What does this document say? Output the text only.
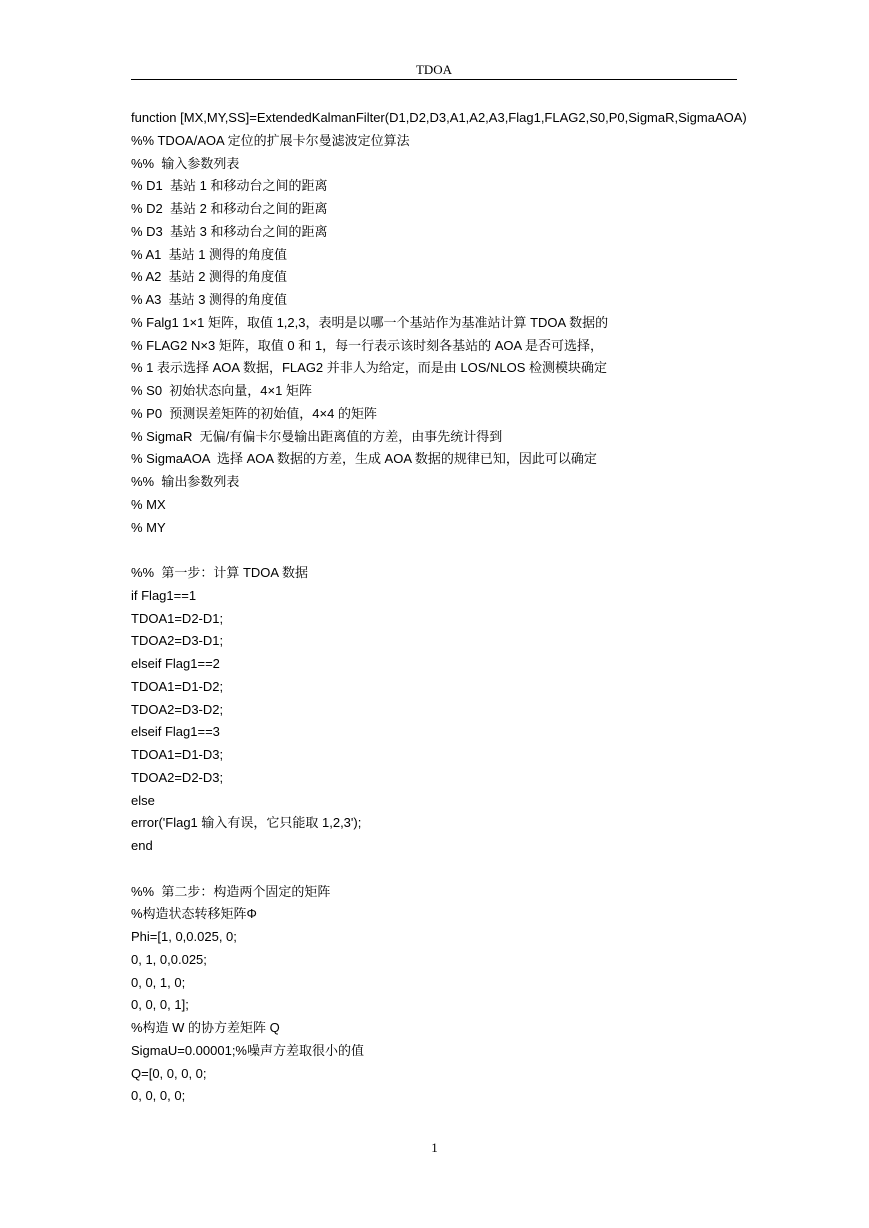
TDOA
function [MX,MY,SS]=ExtendedKalmanFilter(D1,D2,D3,A1,A2,A3,Flag1,FLAG2,S0,P0,SigmaR,SigmaAOA)
%% TDOA/AOA 定位的扩展卡尔曼滤波定位算法
%%  输入参数列表
% D1  基站 1 和移动台之间的距离
% D2  基站 2 和移动台之间的距离
% D3  基站 3 和移动台之间的距离
% A1  基站 1 测得的角度值
% A2  基站 2 测得的角度值
% A3  基站 3 测得的角度值
% Falg1 1×1 矩阵，取值 1,2,3，表明是以哪一个基站作为基准站计算 TDOA 数据的
% FLAG2 N×3 矩阵，取值 0 和 1，每一行表示该时刻各基站的 AOA 是否可选择，
% 1 表示选择 AOA 数据，FLAG2 并非人为给定，而是由 LOS/NLOS 检测模块确定
% S0  初始状态向量，4×1 矩阵
% P0  预测误差矩阵的初始值，4×4 的矩阵
% SigmaR  无偏/有偏卡尔曼输出距离值的方差，由事先统计得到
% SigmaAOA  选择 AOA 数据的方差，生成 AOA 数据的规律已知，因此可以确定
%%  输出参数列表
% MX
% MY
%%  第一步：计算 TDOA 数据
if Flag1==1
TDOA1=D2-D1;
TDOA2=D3-D1;
elseif Flag1==2
TDOA1=D1-D2;
TDOA2=D3-D2;
elseif Flag1==3
TDOA1=D1-D3;
TDOA2=D2-D3;
else
error('Flag1 输入有误，它只能取 1,2,3');
end
%%  第二步：构造两个固定的矩阵
%构造状态转移矩阵Φ
Phi=[1, 0,0.025, 0;
0, 1, 0,0.025;
0, 0, 1, 0;
0, 0, 0, 1];
%构造 W 的协方差矩阵 Q
SigmaU=0.00001;%噪声方差取很小的值
Q=[0, 0, 0, 0;
0, 0, 0, 0;
1
